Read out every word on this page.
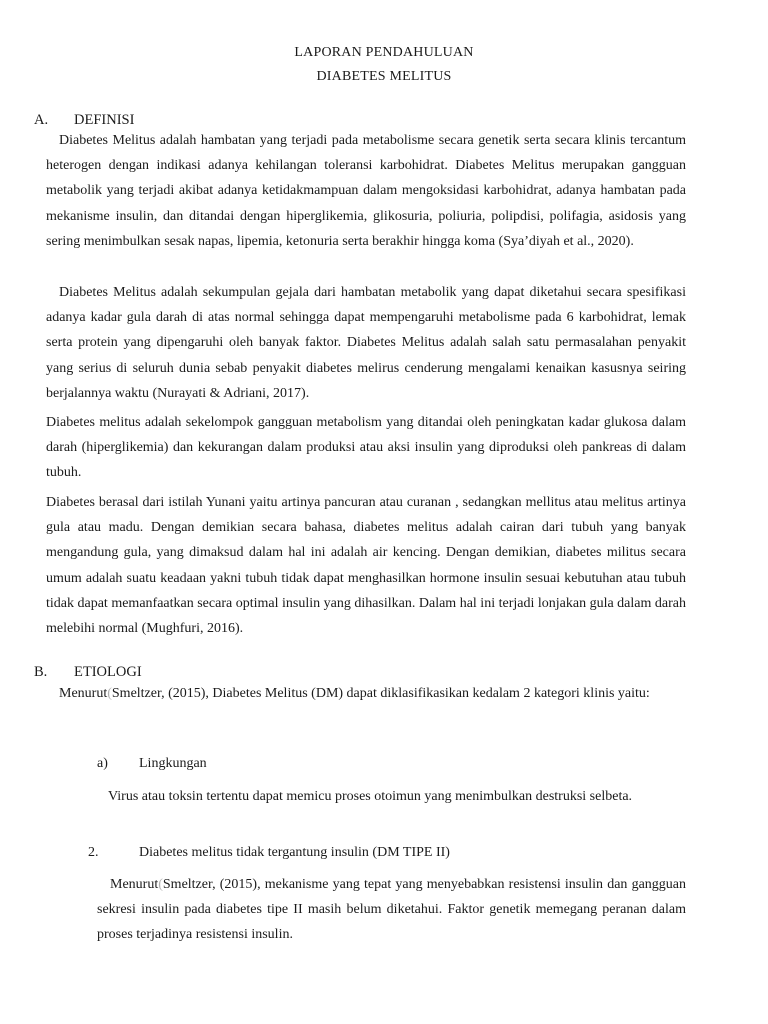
LAPORAN PENDAHULUAN
DIABETES MELITUS
A. DEFINISI
Diabetes Melitus adalah hambatan yang terjadi pada metabolisme secara genetik serta secara klinis tercantum heterogen dengan indikasi adanya kehilangan toleransi karbohidrat. Diabetes Melitus merupakan gangguan metabolik yang terjadi akibat adanya ketidakmampuan dalam mengoksidasi karbohidrat, adanya hambatan pada mekanisme insulin, dan ditandai dengan hiperglikemia, glikosuria, poliuria, polipdisi, polifagia, asidosis yang sering menimbulkan sesak napas, lipemia, ketonuria serta berakhir hingga koma (Sya’diyah et al., 2020).
Diabetes Melitus adalah sekumpulan gejala dari hambatan metabolik yang dapat diketahui secara spesifikasi adanya kadar gula darah di atas normal sehingga dapat mempengaruhi metabolisme pada 6 karbohidrat, lemak serta protein yang dipengaruhi oleh banyak faktor. Diabetes Melitus adalah salah satu permasalahan penyakit yang serius di seluruh dunia sebab penyakit diabetes melirus cenderung mengalami kenaikan kasusnya seiring berjalannya waktu (Nurayati & Adriani, 2017).
Diabetes melitus adalah sekelompok gangguan metabolism yang ditandai oleh peningkatan kadar glukosa dalam darah (hiperglikemia) dan kekurangan dalam produksi atau aksi insulin yang diproduksi oleh pankreas di dalam tubuh.
Diabetes berasal dari istilah Yunani yaitu artinya pancuran atau curanan , sedangkan mellitus atau melitus artinya gula atau madu. Dengan demikian secara bahasa, diabetes melitus adalah cairan dari tubuh yang banyak mengandung gula, yang dimaksud dalam hal ini adalah air kencing. Dengan demikian, diabetes militus secara umum adalah suatu keadaan yakni tubuh tidak dapat menghasilkan hormone insulin sesuai kebutuhan atau tubuh tidak dapat memanfaatkan secara optimal insulin yang dihasilkan. Dalam hal ini terjadi lonjakan gula dalam darah melebihi normal (Mughfuri, 2016).
B. ETIOLOGI
Menurut(Smeltzer, (2015), Diabetes Melitus (DM) dapat diklasifikasikan kedalam 2 kategori klinis yaitu:
a) Lingkungan
Virus atau toksin tertentu dapat memicu proses otoimun yang menimbulkan destruksi selbeta.
2.	Diabetes melitus tidak tergantung insulin (DM TIPE II)
Menurut(Smeltzer, (2015), mekanisme yang tepat yang menyebabkan resistensi insulin dan gangguan sekresi insulin pada diabetes tipe II masih belum diketahui. Faktor genetik memegang peranan dalam proses terjadinya resistensi insulin.
